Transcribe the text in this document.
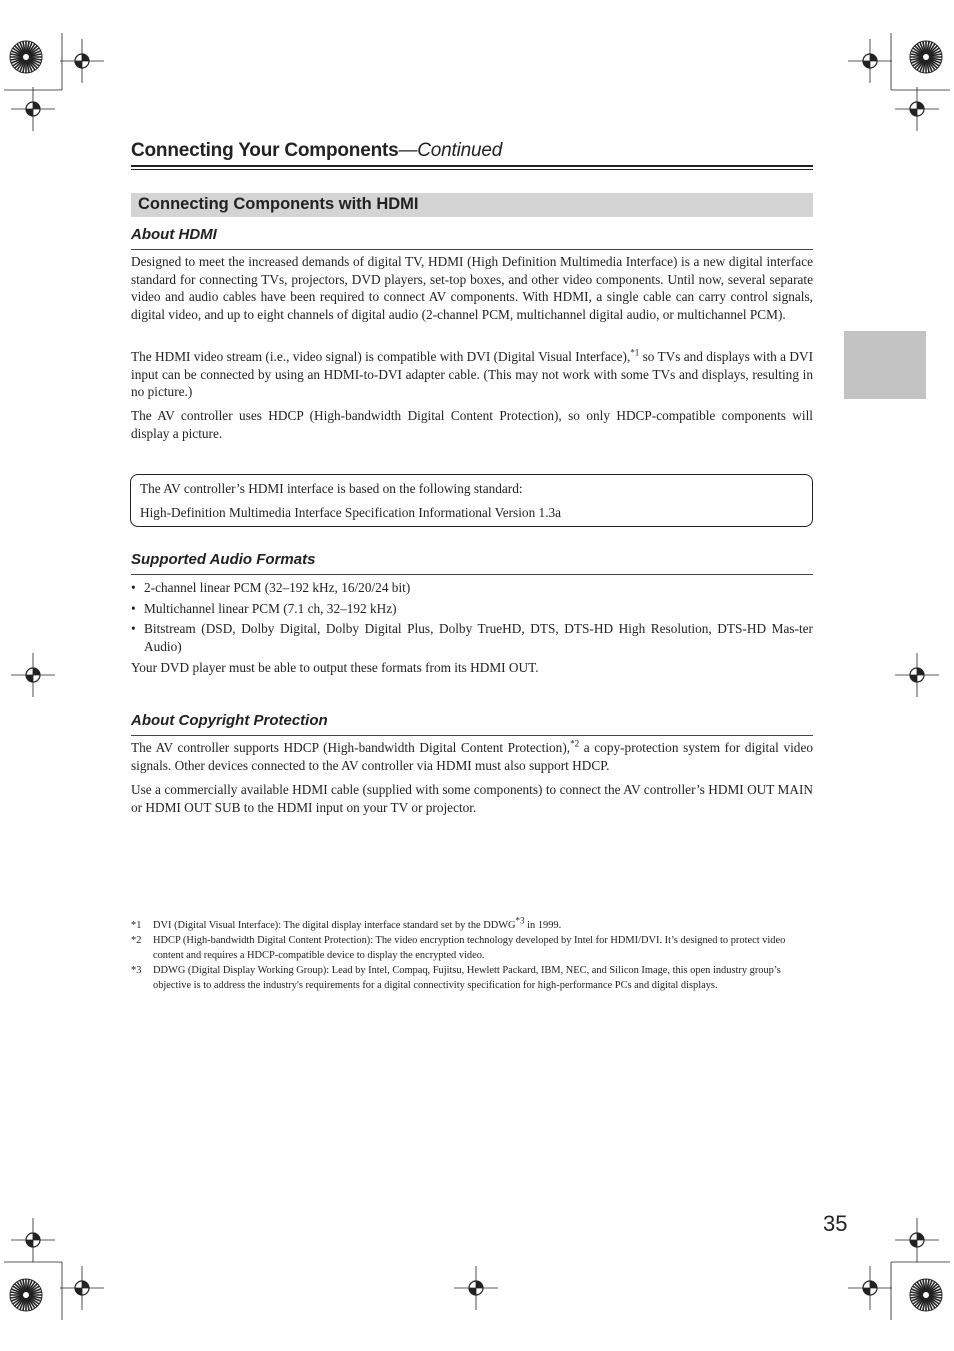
Connecting Your Components—Continued
Connecting Components with HDMI
About HDMI

Designed to meet the increased demands of digital TV, HDMI (High Definition Multimedia Interface) is a new digital interface standard for connecting TVs, projectors, DVD players, set-top boxes, and other video components. Until now, several separate video and audio cables have been required to connect AV components. With HDMI, a single cable can carry control signals, digital video, and up to eight channels of digital audio (2-channel PCM, multichannel digital audio, or multichannel PCM).

The HDMI video stream (i.e., video signal) is compatible with DVI (Digital Visual Interface),$^{*1}$ so TVs and displays with a DVI input can be connected by using an HDMI-to-DVI adapter cable. (This may not work with some TVs and displays, resulting in no picture.)

The AV controller uses HDCP (High-bandwidth Digital Content Protection), so only HDCP-compatible components will display a picture.

The AV controller’s HDMI interface is based on the following standard:
High-Definition Multimedia Interface Specification Informational Version 1.3a
Supported Audio Formats
• 2-channel linear PCM (32–192 kHz, 16/20/24 bit)
• Multichannel linear PCM (7.1 ch, 32–192 kHz)
• Bitstream (DSD, Dolby Digital, Dolby Digital Plus, Dolby TrueHD, DTS, DTS-HD High Resolution, DTS-HD Mas-ter Audio)

Your DVD player must be able to output these formats from its HDMI OUT.

About Copyright Protection

The AV controller supports HDCP (High-bandwidth Digital Content Protection),$^{*2}$ a copy-protection system for digital video signals. Other devices connected to the AV controller via HDMI must also support HDCP.

Use a commercially available HDMI cable (supplied with some components) to connect the AV controller’s HDMI OUT MAIN or HDMI OUT SUB to the HDMI input on your TV or projector.

*1	DVI (Digital Visual Interface): The digital display interface standard set by the DDWG$^{*3}$ in 1999.
*2	HDCP (High-bandwidth Digital Content Protection): The video encryption technology developed by Intel for HDMI/DVI. It’s designed to protect video content and requires a HDCP-compatible device to display the encrypted video.
*3	DDWG (Digital Display Working Group): Lead by Intel, Compaq, Fujitsu, Hewlett Packard, IBM, NEC, and Silicon Image, this open industry group’s objective is to address the industry's requirements for a digital connectivity specification for high-performance PCs and digital displays.
35
